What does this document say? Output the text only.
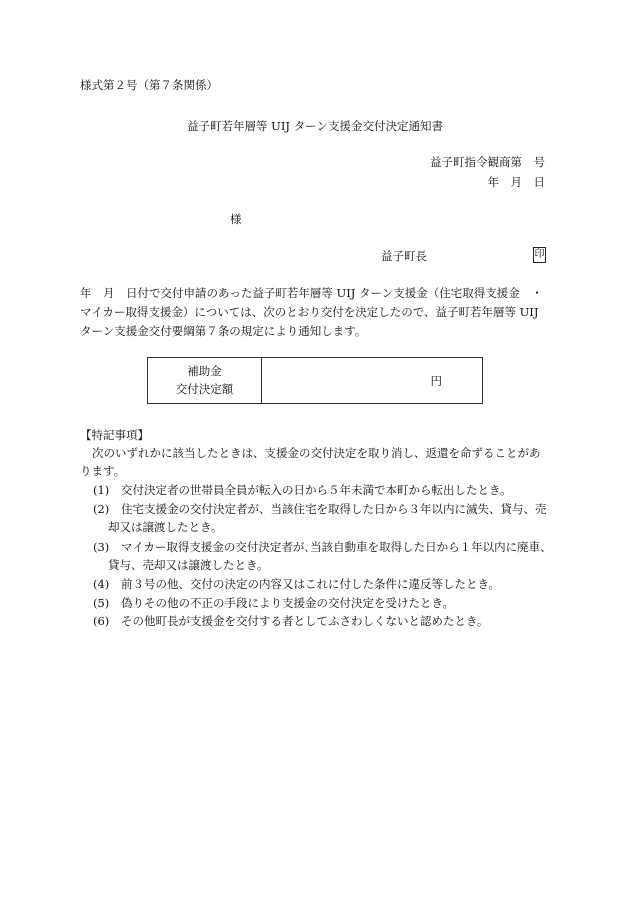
様式第２号（第７条関係）
益子町若年層等 UIJ ターン支援金交付決定通知書
益子町指令観商第　号
年　月　日
様
益子町長	印
年　月　日付で交付申請のあった益子町若年層等 UIJ ターン支援金（住宅取得支援金　・
マイカー取得支援金）については、次のとおり交付を決定したので、益子町若年層等 UIJ
ターン支援金交付要綱第７条の規定により通知します。
補助金
交付決定額
円
【特記事項】
次のいずれかに該当したときは、支援金の交付決定を取り消し、返還を命ずることがあ
ります。
(1) 交付決定者の世帯員全員が転入の日から５年未満で本町から転出したとき。
(2) 住宅支援金の交付決定者が、当該住宅を取得した日から３年以内に滅失、貸与、売
却又は譲渡したとき。
(3) マイカー取得支援金の交付決定者が､当該自動車を取得した日から１年以内に廃車、
貸与、売却又は譲渡したとき。
(4) 前３号の他、交付の決定の内容又はこれに付した条件に違反等したとき。
(5) 偽りその他の不正の手段により支援金の交付決定を受けたとき。
(6) その他町長が支援金を交付する者としてふさわしくないと認めたとき。
